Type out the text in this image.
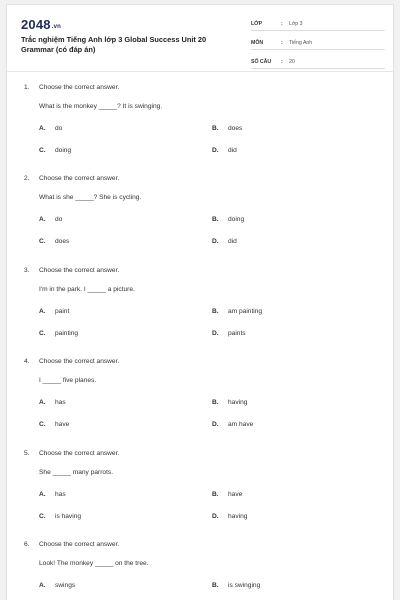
2048.vn
Trắc nghiệm Tiếng Anh lớp 3 Global Success Unit 20 Grammar (có đáp án)
LỚP	:	Lớp 3
MÔN	:	Tiếng Anh
SỐ CÂU	:	20
1.	Choose the correct answer.
What is the monkey _____? It is swinging.
A. do	B. does
C. doing	D. did
2.	Choose the correct answer.
What is she _____? She is cycling.
A. do	B. doing
C. does	D. did
3.	Choose the correct answer.
I'm in the park. I _____ a picture.
A. paint	B. am painting
C. painting	D. paints
4.	Choose the correct answer.
I _____ five planes.
A. has	B. having
C. have	D. am have
5.	Choose the correct answer.
She _____ many parrots.
A. has	B. have
C. is having	D. having
6.	Choose the correct answer.
Look! The monkey _____ on the tree.
A. swings	B. is swinging
